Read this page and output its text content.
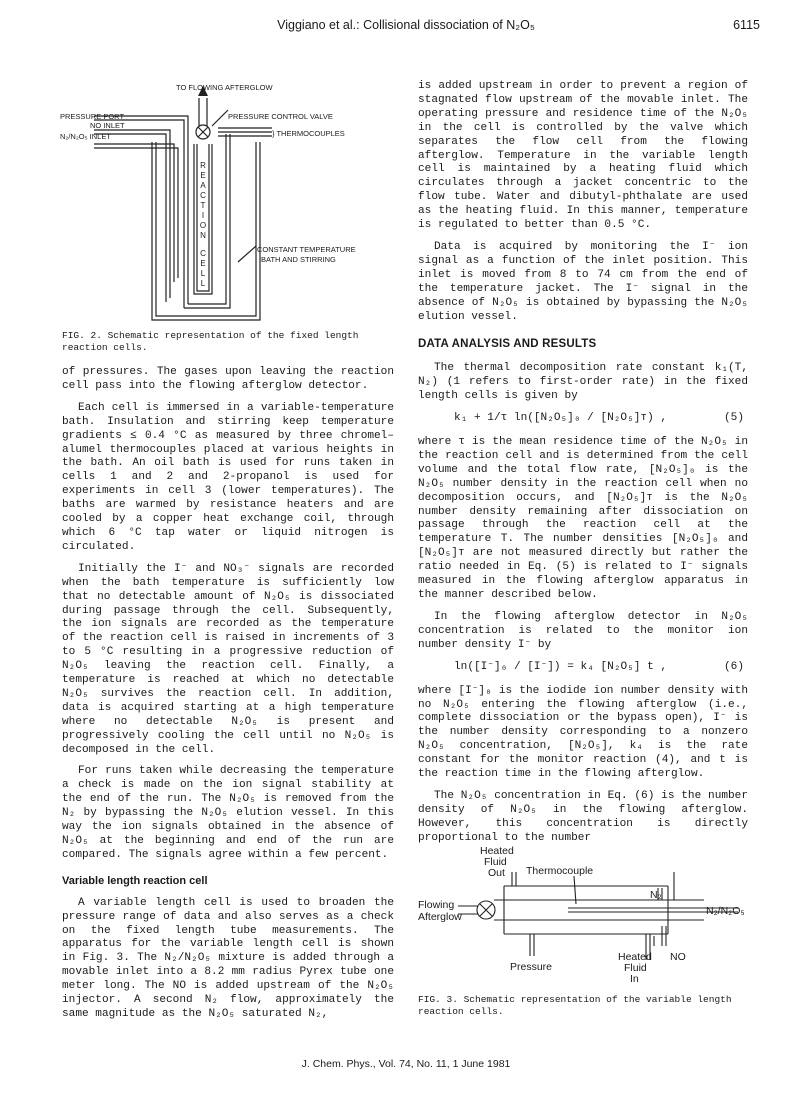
Viggiano et al.: Collisional dissociation of N₂O₅	6115
TO FLOWING AFTERGLOW
PRESSURE PORT
NO INLET
N₂/N₂O₅ INLET
PRESSURE CONTROL VALVE
} THERMOCOUPLES
CONSTANT TEMPERATURE
BATH AND STIRRING
R
E
A
C
T
I
O
N
C
E
L
L
FIG. 2. Schematic representation of the fixed length reaction cells.

of pressures. The gases upon leaving the reaction cell pass into the flowing afterglow detector.

Each cell is immersed in a variable-temperature bath. Insulation and stirring keep temperature gradients ≤ 0.4 °C as measured by three chromel–alumel thermocouples placed at various heights in the bath. An oil bath is used for runs taken in cells 1 and 2 and 2-propanol is used for experiments in cell 3 (lower temperatures). The baths are warmed by resistance heaters and are cooled by a copper heat exchange coil, through which 6 °C tap water or liquid nitrogen is circulated.

Initially the I⁻ and NO₃⁻ signals are recorded when the bath temperature is sufficiently low that no detectable amount of N₂O₅ is dissociated during passage through the cell. Subsequently, the ion signals are recorded as the temperature of the reaction cell is raised in increments of 3 to 5 °C resulting in a progressive reduction of N₂O₅ leaving the reaction cell. Finally, a temperature is reached at which no detectable N₂O₅ survives the reaction cell. In addition, data is acquired starting at a high temperature where no detectable N₂O₅ is present and progressively cooling the cell until no N₂O₅ is decomposed in the cell.

For runs taken while decreasing the temperature a check is made on the ion signal stability at the end of the run. The N₂O₅ is removed from the N₂ by bypassing the N₂O₅ elution vessel. In this way the ion signals obtained in the absence of N₂O₅ at the beginning and end of the run are compared. The signals agree within a few percent.

Variable length reaction cell

A variable length cell is used to broaden the pressure range of data and also serves as a check on the fixed length tube measurements. The apparatus for the variable length cell is shown in Fig. 3. The N₂/N₂O₅ mixture is added through a movable inlet into a 8.2 mm radius Pyrex tube one meter long. The NO is added upstream of the N₂O₅ injector. A second N₂ flow, approximately the same magnitude as the N₂O₅ saturated N₂,

is added upstream in order to prevent a region of stagnated flow upstream of the movable inlet. The operating pressure and residence time of the N₂O₅ in the cell is controlled by the valve which separates the flow cell from the flowing afterglow. Temperature in the variable length cell is maintained by a heating fluid which circulates through a jacket concentric to the flow tube. Water and dibutyl-phthalate are used as the heating fluid. In this manner, temperature is regulated to better than 0.5 °C.

Data is acquired by monitoring the I⁻ ion signal as a function of the inlet position. This inlet is moved from 8 to 74 cm from the end of the temperature jacket. The I⁻ signal in the absence of N₂O₅ is obtained by bypassing the N₂O₅ elution vessel.

DATA ANALYSIS AND RESULTS

The thermal decomposition rate constant k₁(T, N₂) (1 refers to first-order rate) in the fixed length cells is given by

k₁ + 1/τ ln([N₂O₅]₀ / [N₂O₅]ᴛ) ,	(5)

where τ is the mean residence time of the N₂O₅ in the reaction cell and is determined from the cell volume and the total flow rate, [N₂O₅]₀ is the N₂O₅ number density in the reaction cell when no decomposition occurs, and [N₂O₅]ᴛ is the N₂O₅ number density remaining after dissociation on passage through the reaction cell at the temperature T. The number densities [N₂O₅]₀ and [N₂O₅]ᴛ are not measured directly but rather the ratio needed in Eq. (5) is related to I⁻ signals measured in the flowing afterglow apparatus in the manner described below.

In the flowing afterglow detector in N₂O₅ concentration is related to the monitor ion number density I⁻ by

ln([I⁻]₀ / [I⁻]) = k₄ [N₂O₅] t ,	(6)

where [I⁻]₀ is the iodide ion number density with no N₂O₅ entering the flowing afterglow (i.e., complete dissociation or the bypass open), I⁻ is the number density corresponding to a nonzero N₂O₅ concentration, [N₂O₅], k₄ is the rate constant for the monitor reaction (4), and t is the reaction time in the flowing afterglow.

The N₂O₅ concentration in Eq. (6) is the number density of N₂O₅ in the flowing afterglow. However, this concentration is directly proportional to the number

Heated
Fluid
Out Thermocouple
N₂
Flowing
Afterglow	N₂/N₂O₅
Pressure
Heated
Fluid
In
NO
FIG. 3. Schematic representation of the variable length reaction cells.
J. Chem. Phys., Vol. 74, No. 11, 1 June 1981
